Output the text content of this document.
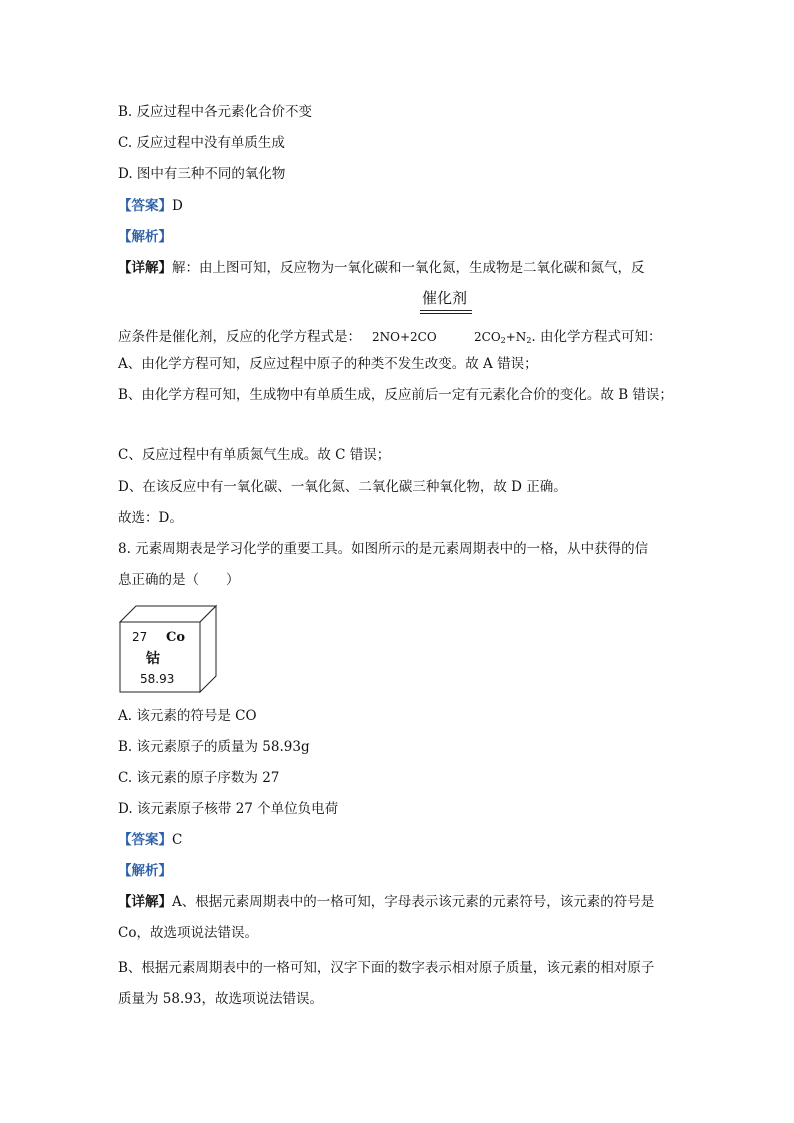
B. 反应过程中各元素化合价不变
C. 反应过程中没有单质生成
D. 图中有三种不同的氧化物
【答案】D
【解析】
【详解】解：由上图可知，反应物为一氧化碳和一氧化氮，生成物是二氧化碳和氮气，反
催化剂
应条件是催化剂，反应的化学方程式是： 2NO+2CO	$2CO_2+N_2$. 由化学方程式可知：
A、由化学方程可知，反应过程中原子的种类不发生改变。故 A 错误；
B、由化学方程可知，生成物中有单质生成，反应前后一定有元素化合价的变化。故 B 错误；
C、反应过程中有单质氮气生成。故 C 错误；
D、在该反应中有一氧化碳、一氧化氮、二氧化碳三种氧化物，故 D 正确。
故选：D。
8. 元素周期表是学习化学的重要工具。如图所示的是元素周期表中的一格，从中获得的信
息正确的是（　　）
27 Co
钴
58.93
A. 该元素的符号是 CO
B. 该元素原子的质量为 58.93g
C. 该元素的原子序数为 27
D. 该元素原子核带 27 个单位负电荷
【答案】C
【解析】
【详解】A、根据元素周期表中的一格可知，字母表示该元素的元素符号，该元素的符号是
Co，故选项说法错误。
B、根据元素周期表中的一格可知，汉字下面的数字表示相对原子质量，该元素的相对原子
质量为 58.93，故选项说法错误。
